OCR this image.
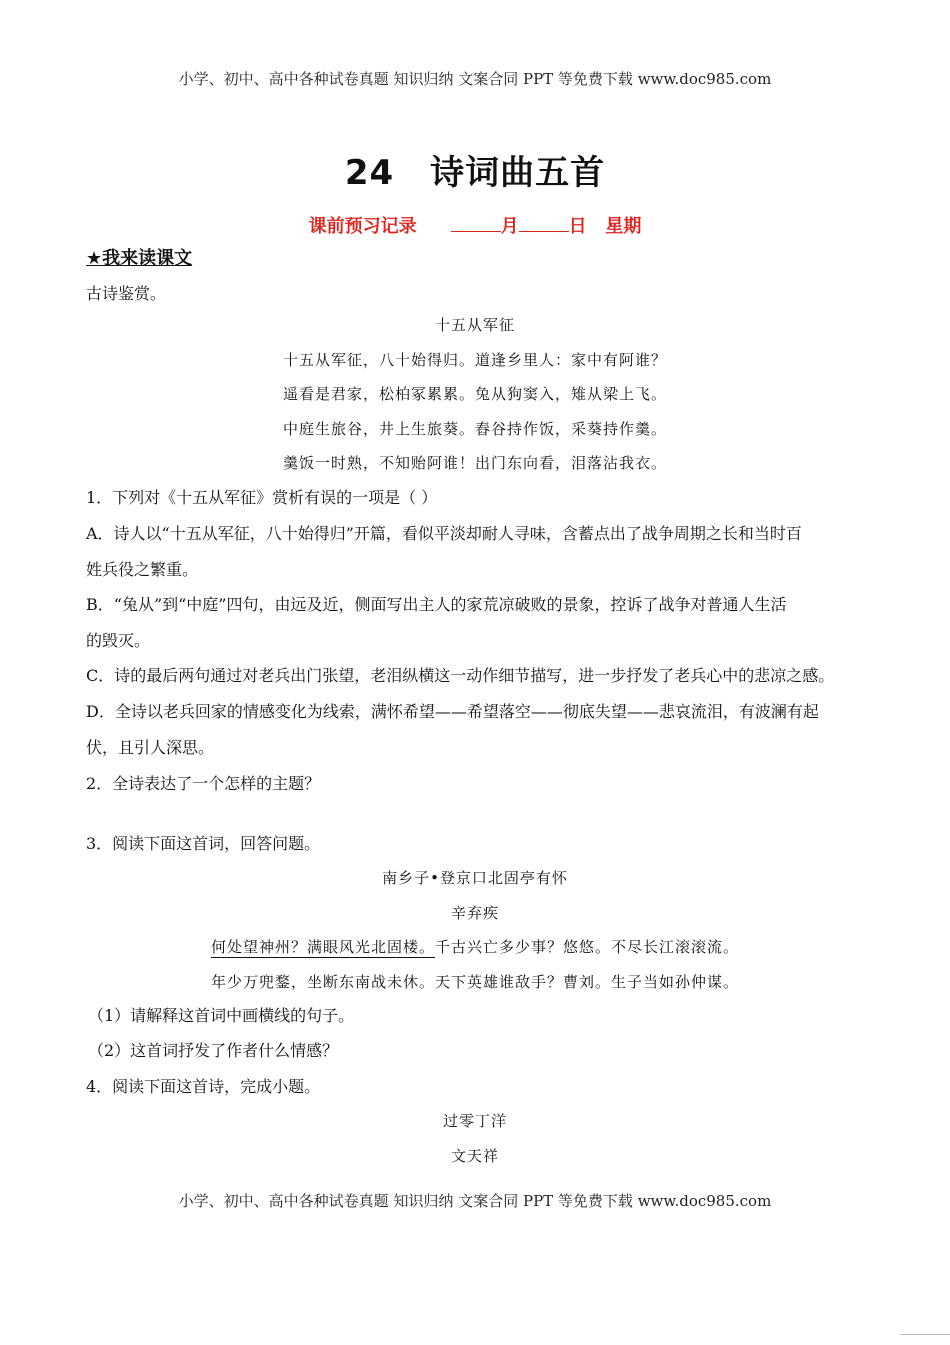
小学、初中、高中各种试卷真题 知识归纳 文案合同 PPT 等免费下载 www.doc985.com
24 诗词曲五首
课前预习记录	月	日 星期
★我来读课文
古诗鉴赏。
十五从军征
十五从军征，八十始得归。道逢乡里人：家中有阿谁？
遥看是君家，松柏冢累累。兔从狗窦入，雉从梁上飞。
中庭生旅谷，井上生旅葵。舂谷持作饭，采葵持作羹。
羹饭一时熟，不知贻阿谁！出门东向看，泪落沾我衣。
1．下列对《十五从军征》赏析有误的一项是（ ）
A．诗人以“十五从军征，八十始得归”开篇，看似平淡却耐人寻味，含蓄点出了战争周期之长和当时百
姓兵役之繁重。
B．“兔从”到“中庭”四句，由远及近，侧面写出主人的家荒凉破败的景象，控诉了战争对普通人生活
的毁灭。
C．诗的最后两句通过对老兵出门张望，老泪纵横这一动作细节描写，进一步抒发了老兵心中的悲凉之感。
D．全诗以老兵回家的情感变化为线索，满怀希望——希望落空——彻底失望——悲哀流泪，有波澜有起
伏，且引人深思。
2．全诗表达了一个怎样的主题？
3．阅读下面这首词，回答问题。
南乡子•登京口北固亭有怀
辛弃疾
何处望神州？满眼风光北固楼。千古兴亡多少事？悠悠。不尽长江滚滚流。
年少万兜鍪，坐断东南战未休。天下英雄谁敌手？曹刘。生子当如孙仲谋。
（1）请解释这首词中画横线的句子。
（2）这首词抒发了作者什么情感？
4．阅读下面这首诗，完成小题。
过零丁洋
文天祥
小学、初中、高中各种试卷真题 知识归纳 文案合同 PPT 等免费下载 www.doc985.com
